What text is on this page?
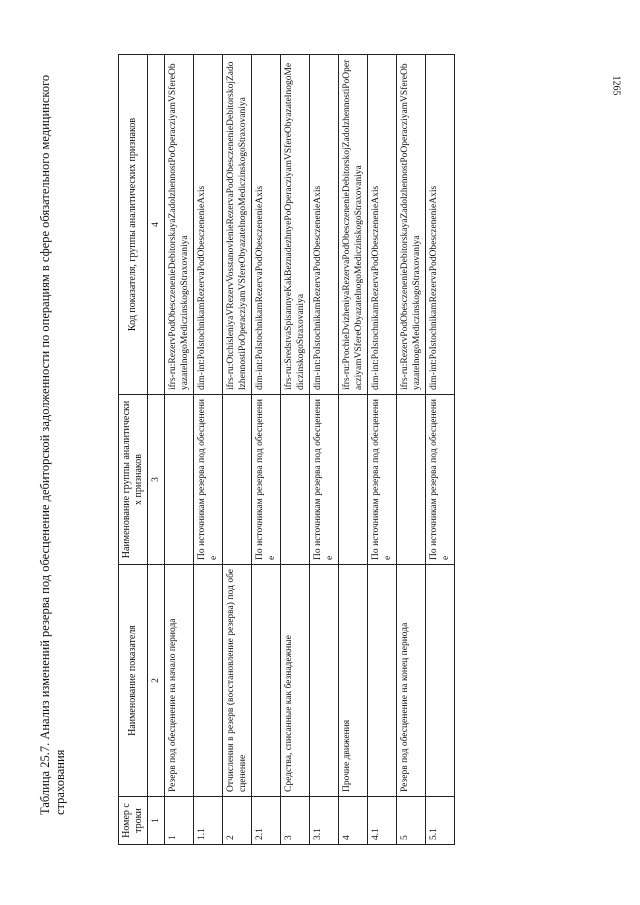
1265
Таблица 25.7. Анализ изменений резерва под обесценение дебиторской задолженности по операциям в сфере обязательного медицинского страхования
Номер строки	Наименование показателя	Наименование группы аналитических признаков	Код показателя, группы аналитических признаков
1	2	3	4
1	Резерв под обесценение на начало периода		ifrs-ru:RezervPodObesczenenieDebitorskayaZadolzhennostPoOperacziyamVSfereObyazatelnogoMediczinskogoStraxovaniya
1.1		По источникам резерва под обесценение	dim-int:PoIstochnikamRezervaPodObesczenenieAxis
2	Отчисления в резерв (восстановление резерва) под обесценение		ifrs-ru:OtchisleniyaVRezervVosstanovlenieRezervaPodObesczenenieDebitorskojZadolzhennostiPoOperacziyamVSfereObyazatelnogoMediczinskogoStraxovaniya
2.1		По источникам резерва под обесценение	dim-int:PoIstochnikamRezervaPodObesczenenieAxis
3	Средства, списанные как безнадежные		ifrs-ru:SredstvaSpisannyeKakBeznadezhnyePoOperacziyamVSfereObyazatelnogoMediczinskogoStraxovaniya
3.1		По источникам резерва под обесценение	dim-int:PoIstochnikamRezervaPodObesczenenieAxis
4	Прочие движения		ifrs-ru:ProchieDvizheniyaRezervaPodObesczenenieDebitorskojZadolzhennostiPoOperacziyamVSfereObyazatelnogoMediczinskogoStraxovaniya
4.1		По источникам резерва под обесценение	dim-int:PoIstochnikamRezervaPodObesczenenieAxis
5	Резерв под обесценение на конец периода		ifrs-ru:RezervPodObesczenenieDebitorskayaZadolzhennostPoOperacziyamVSfereObyazatelnogoMediczinskogoStraxovaniya
5.1		По источникам резерва под обесценение	dim-int:PoIstochnikamRezervaPodObesczenenieAxis
